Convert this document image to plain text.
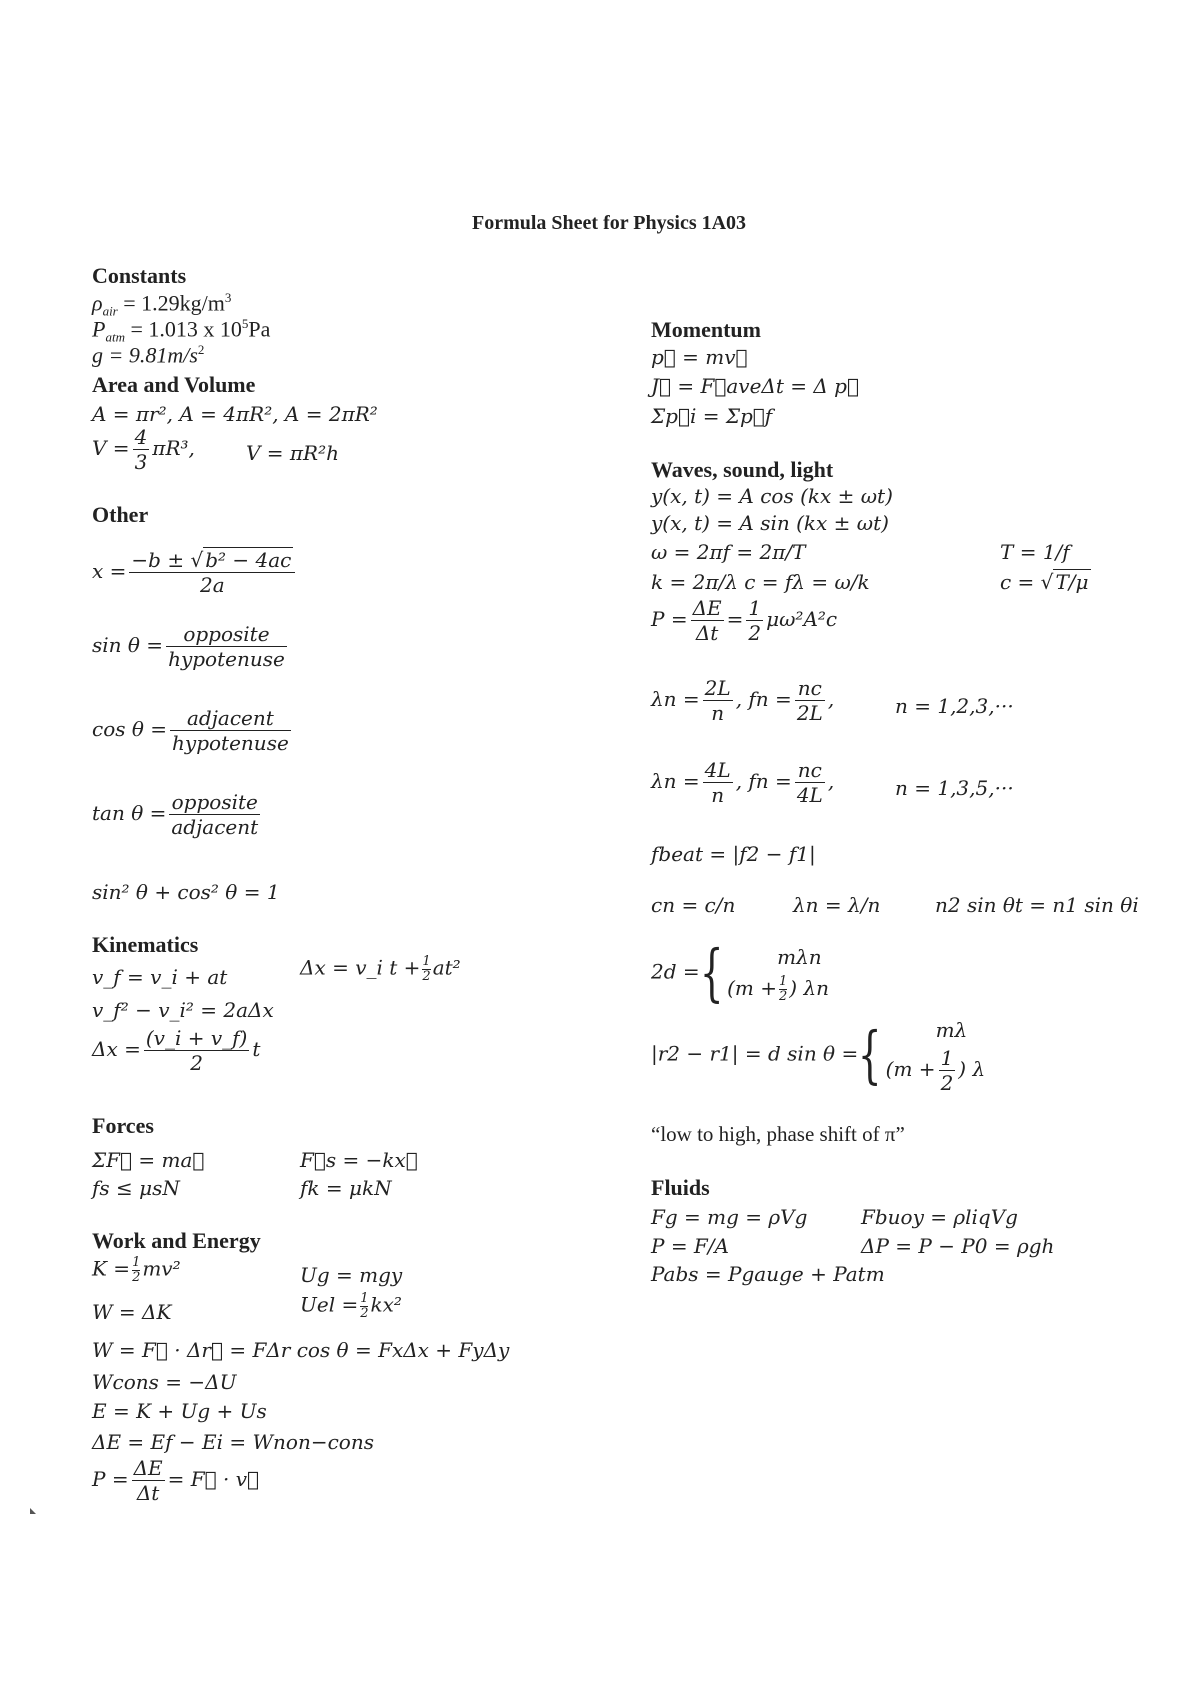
Formula Sheet for Physics 1A03
Constants
$\rho_{air} = 1.29kg/m^3$
$P_{atm} = 1.013$ x $10^5Pa$
$g = 9.81m/s^2$
Area and Volume
A = πr², A = 4πR², A = 2πR²
$V = \frac{4}{3} \pi R^3$,	V = πR²h
Other
$x = \frac{\text{−b ± √ b² − 4ac}}{2a}$
$\sin \theta = \frac{\text{opposite}}{\text{hypotenuse}}$
$\cos \theta = \frac{\text{adjacent}}{\text{hypotenuse}}$
$\tan \theta = \frac{\text{opposite}}{\text{adjacent}}$
sin² θ + cos² θ = 1
Kinematics
v_f = v_i + at	Δx = v_i $t + \frac{1}{2} at^2$
v_f² − v_i² = 2aΔx
$\Delta x = \frac{(v\_i + v\_f)}{2}$ t
Forces
ΣF⃗ = ma⃗	F⃗s = −kx⃗
fs ≤ μsN	fk = μkN
Work and Energy
$K = \frac{1}{2} mv^2$	Ug = mgy
W = ΔK	Uel = $\frac{1}{2} kx^2$
W = F⃗ · Δr⃗ = FΔr cos θ = FxΔx + FyΔy
Wcons = −ΔU
E = K + Ug + Us
ΔE = Ef − Ei = Wnon−cons
$P = \frac{\Delta E}{\Delta t}$ = F⃗ · v⃗
Momentum
p⃗ = mv⃗
J⃗ = F⃗aveΔt = Δ p⃗
Σp⃗i = Σp⃗f
Waves, sound, light
y(x, t) = A cos (kx ± ωt)
y(x, t) = A sin (kx ± ωt)
ω = 2πf = 2π/T	T = 1/f
k = 2π/λ c = fλ = ω/k	c = √ T/μ
$P = \frac{\Delta E}{\Delta t} = \frac{1}{2} \mu\omega^2A^2c$
$\lambda n = \frac{2L}{n}$ , fn = $\frac{nc}{2L}$ ,	n = 1,2,3,···
$\lambda n = \frac{4L}{n}$ , fn = $\frac{nc}{4L}$ ,	n = 1,3,5,···
fbeat = |f2 − f1|
cn = c/n	λn = λ/n	n2 sin θt = n1 sin θi
2d ={	mλn
($m + \frac{1}{2}$ ) λn
|r2 − r1| = d sin θ ={	mλ
($m + \frac{1}{2}$ ) λ
“low to high, phase shift of π”
Fluids
Fg = mg = ρVg	Fbuoy = ρliqVg
P = F/A	ΔP = P − P0 = ρgh
Pabs = Pgauge + Patm
